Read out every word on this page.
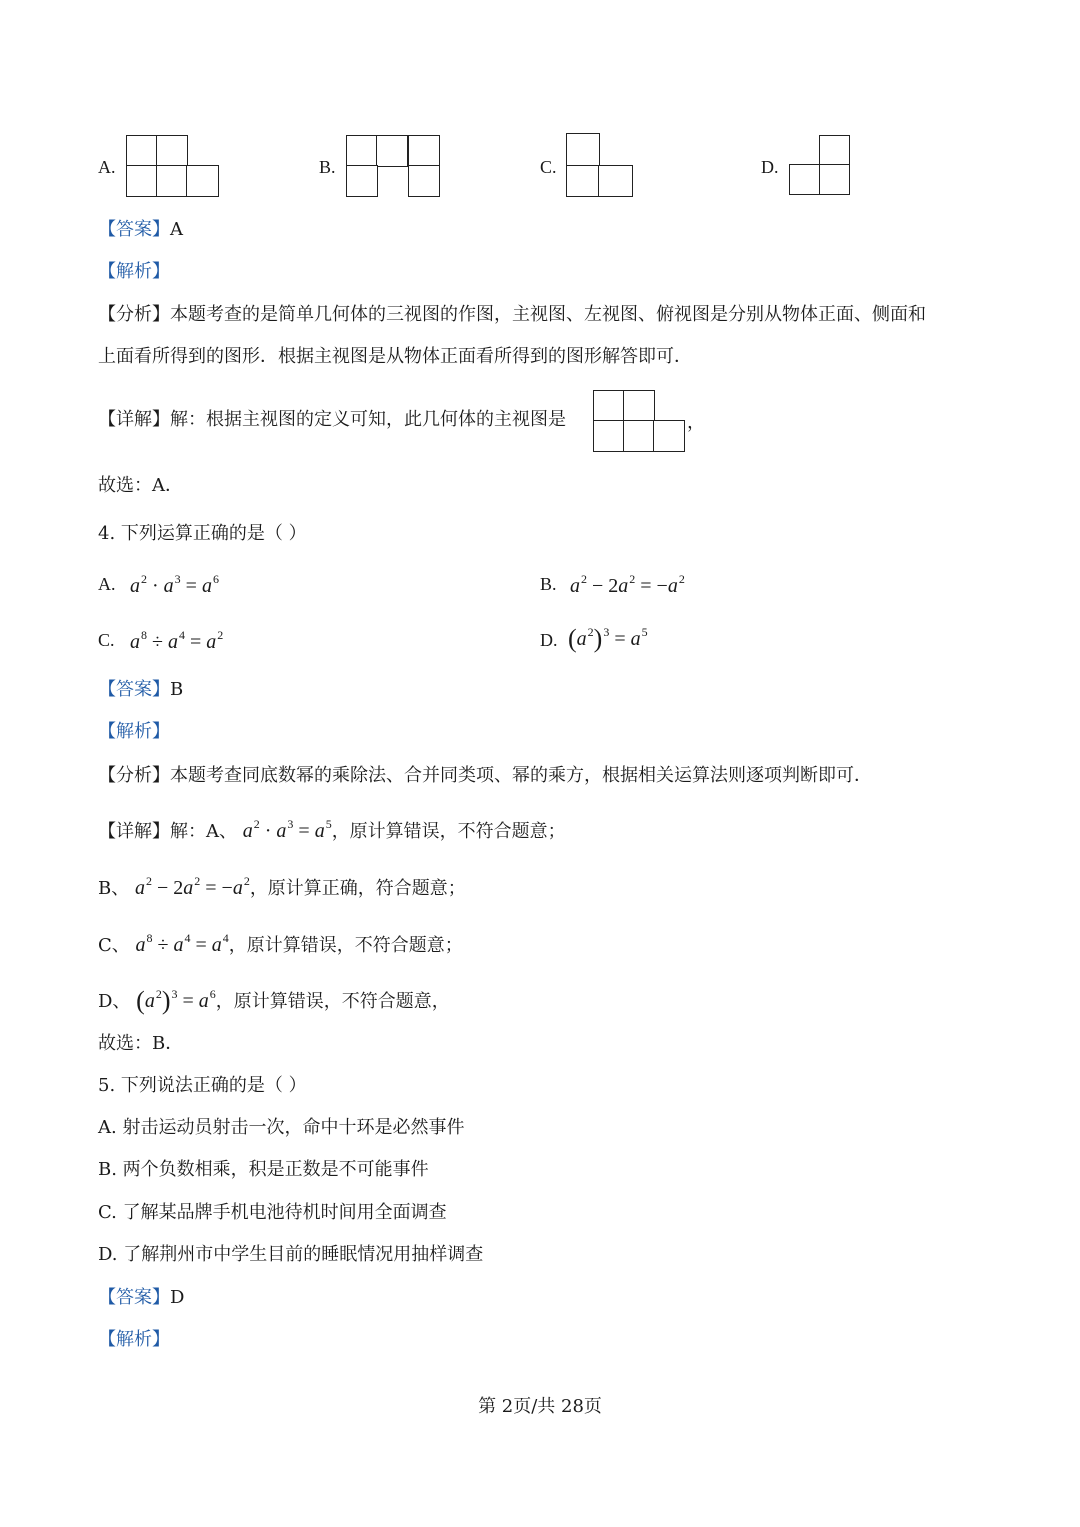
A.	B.	C.	D.
【答案】A
【解析】
【分析】本题考查的是简单几何体的三视图的作图，主视图、左视图、俯视图是分别从物体正面、侧面和
上面看所得到的图形．根据主视图是从物体正面看所得到的图形解答即可．
【详解】解：根据主视图的定义可知，此几何体的主视图是	，
故选：A．
4. 下列运算正确的是（ ）
A. $a^2 \cdot a^3 = a^6$	B. $a^2 - 2a^2 = -a^2$
C. $a^8 \div a^4 = a^2$	D. $(a^2)^3 = a^5$
【答案】B
【解析】
【分析】本题考查同底数幂的乘除法、合并同类项、幂的乘方，根据相关运算法则逐项判断即可．
【详解】解：A、 $a^2 \cdot a^3 = a^5$，原计算错误，不符合题意；
B、 $a^2 - 2a^2 = -a^2$，原计算正确，符合题意；
C、 $a^8 \div a^4 = a^4$，原计算错误，不符合题意；
D、 $(a^2)^3 = a^6$，原计算错误，不符合题意，
故选：B．
5. 下列说法正确的是（ ）
A. 射击运动员射击一次，命中十环是必然事件
B. 两个负数相乘，积是正数是不可能事件
C. 了解某品牌手机电池待机时间用全面调查
D. 了解荆州市中学生目前的睡眠情况用抽样调查
【答案】D
【解析】
第 2页/共 28页
